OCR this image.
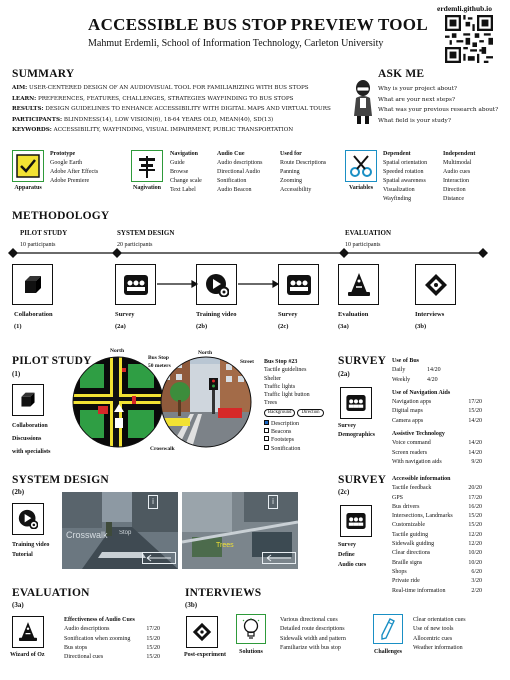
ACCESSIBLE BUS STOP PREVIEW TOOL
Mahmut Erdemli, School of Information Technology, Carleton University
erdemli.github.io
SUMMARY
AIM: USER-CENTERED DESIGN OF AN AUDIOVISUAL TOOL FOR FAMILIARIZING WITH BUS STOPS
LEARN: PREFERENCES, FEATURES, CHALLENGES, STRATEGIES WAYFINDING TO BUS STOPS
RESULTS: DESIGN GUIDELINES TO ENHANCE ACCESSIBILITY WITH DIGITAL MAPS AND VIRTUAL TOURS
PARTICIPANTS: BLINDNESS(14), LOW VISION(6), 18-64 YEARS OLD, MEAN(40), SD(13)
KEYWORDS: ACCESSIBILITY, WAYFINDING, VISUAL IMPAIRMENT, PUBLIC TRANSPORTATION
ASK ME
Why is your project about?
What are your next steps?
What was your previous research about?
What field is your study?
Apparatus
Prototype
Google Earth
Adobe After Effects
Adobe Premiere
Nagivation
Navigation
Guide
Browse
Change scale
Text Label
Audio Cue
Audio descriptions
Directional Audio
Sonification
Audio Beacon
Used for
Route Descriptions
Panning
Zooming
Accessibility	Variables
Dependent
Spatial orientation
Speeded rotation
Spatial awareness
Visualization
Wayfinding
Independent
Multimodal
Audio cues
Interaction
Direction
Distance
METHODOLOGY
PILOT STUDY	SYSTEM DESIGN	EVALUATION
10 participants	20 participants	10 participants
Collaboration
(1)
Survey
(2a)
Training video
(2b)
Survey
(2c)
Evaluation
(3a)
Interviews
(3b)
PILOT STUDY
(1)
Collaboration
Discussions
with specialists
North
Bus Stop
50 meters
North
Street
Crosswalk
Bus Stop #23
Tactile guidelines
Shelter
Traffic lights
Traffic light button
Trees
Background	Direction
Description
Beacons
Footsteps
Sonification
SURVEY
(2a)
Survey
Demographics
Use of Bus
Daily	14/20
Weekly	4/20
Use of Navigation Aids
Navigation apps	17/20
Digital maps	15/20
Camera apps	14/20
Assistive Technology
Voice command	14/20
Screen readers	14/20
With navigation aids	9/20
SYSTEM DESIGN
(2b)
Training video
Tutorial
Crosswalk Stop
i
Trees
i
SURVEY
(2c)
Survey
Define
Audio cues
Accessible information
Tactile feedback	20/20
GPS	17/20
Bus drivers	16/20
Intersections, Landmarks	15/20
Customizable	15/20
Tactile guiding	12/20
Sidewalk guiding	12/20
Clear directions	10/20
Braille signs	10/20
Shops	6/20
Private ride	3/20
Real-time information	2/20
EVALUATION
(3a)
Wizard of Oz
Effectiveness of Audio Cues
Audio descriptions	17/20
Sonification when zooming	15/20
Bus stops	15/20
Directional cues	15/20
INTERVIEWS
(3b)
Post-experiment	Solutions
Various directional cues
Detailed route descriptions
Sidewalk width and pattern
Familiarize with bus stop
Challenges
Clear orientation cues
Use of new tools
Allocentric cues
Weather information
